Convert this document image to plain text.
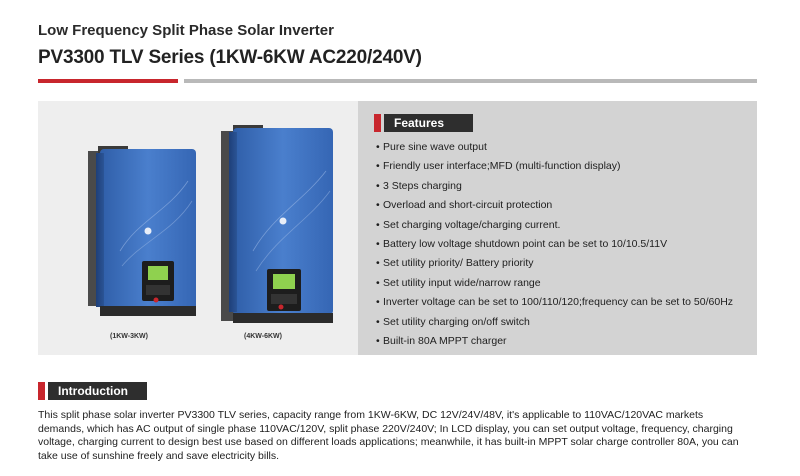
Low Frequency Split Phase Solar Inverter
PV3300 TLV Series (1KW-6KW AC220/240V)
(1KW-3KW)	(4KW-6KW)
Features
• Pure sine wave output
• Friendly user interface;MFD (multi-function display)
• 3 Steps charging
• Overload and short-circuit protection
• Set charging voltage/charging current.
• Battery low voltage shutdown point can be set to 10/10.5/11V
• Set utility priority/ Battery priority
• Set utility input wide/narrow range
• Inverter voltage can be set to 100/110/120;frequency can be set to 50/60Hz
• Set utility charging on/off switch
• Built-in 80A MPPT charger
Introduction
This split phase solar inverter PV3300 TLV series, capacity range from 1KW-6KW, DC 12V/24V/48V, it's applicable to 110VAC/120VAC markets
demands, which has AC output of single phase 110VAC/120V, split phase 220V/240V; In LCD display, you can set output voltage, frequency, charging
voltage, charging current to design best use based on different loads applications; meanwhile, it has built-in MPPT solar charge controller 80A, you can
take use of sunshine freely and save electricity bills.
